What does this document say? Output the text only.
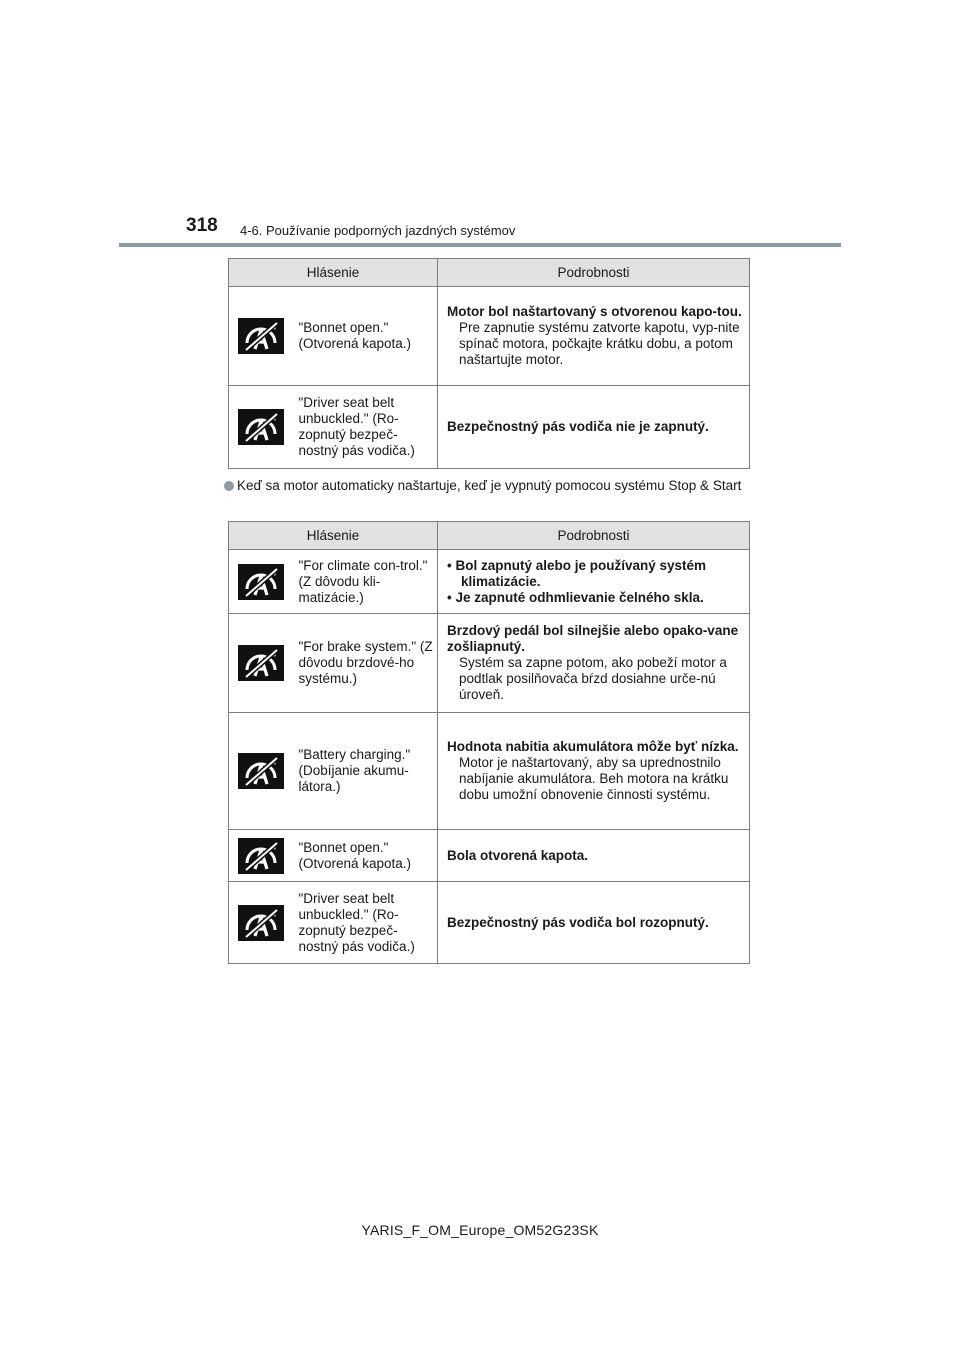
318 4-6. Používanie podporných jazdných systémov
Hlásenie		Podrobnosti

	"Bonnet open." (Otvorená kapota.)	Motor bol naštartovaný s otvorenou kapo-tou.
Pre zapnutie systému zatvorte kapotu, vyp-nite spínač motora, počkajte krátku dobu, a potom naštartujte motor.

	"Driver seat belt unbuckled." (Ro-zopnutý bezpeč-nostný pás vodiča.)	Bezpečnostný pás vodiča nie je zapnutý.
Keď sa motor automaticky naštartuje, keď je vypnutý pomocou systému Stop & Start
Hlásenie		Podrobnosti

	"For climate con-trol." (Z dôvodu kli-matizácie.)	• Bol zapnutý alebo je používaný systém klimatizácie.
• Je zapnuté odhmlievanie čelného skla.

	"For brake system." (Z dôvodu brzdové-ho systému.)	Brzdový pedál bol silnejšie alebo opako-vane zošliapnutý.
Systém sa zapne potom, ako pobeží motor a podtlak posilňovača bŕzd dosiahne urče-nú úroveň.

	"Battery charging." (Dobíjanie akumu-látora.)	Hodnota nabitia akumulátora môže byť nízka.
Motor je naštartovaný, aby sa uprednostnilo nabíjanie akumulátora. Beh motora na krátku dobu umožní obnovenie činnosti systému.

	"Bonnet open." (Otvorená kapota.)	Bola otvorená kapota.

	"Driver seat belt unbuckled." (Ro-zopnutý bezpeč-nostný pás vodiča.)	Bezpečnostný pás vodiča bol rozopnutý.
YARIS_F_OM_Europe_OM52G23SK
